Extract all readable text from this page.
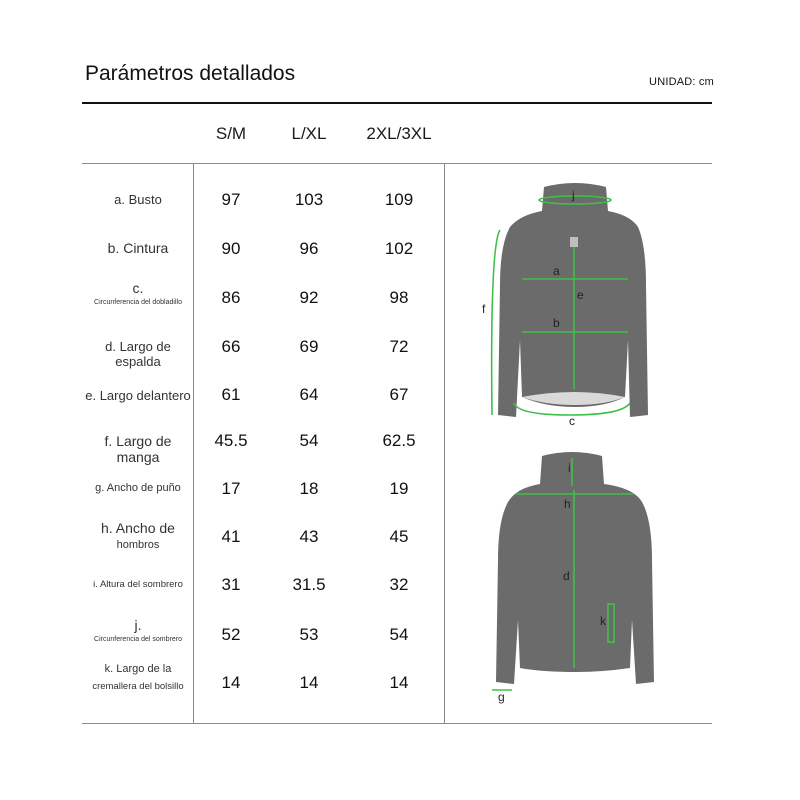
Parámetros detallados	UNIDAD: cm
S/M	L/XL	2XL/3XL
a. Busto	97	103	109
b. Cintura	90	96	102
c.
Circunferencia del dobladillo	86	92	98
d. Largo de espalda
66	69	72
e. Largo delantero	61	64	67
f. Largo de manga
45.5	54	62.5
g. Ancho de puño	17	18	19
h. Ancho de
hombros	41	43	45
i. Altura del sombrero	31	31.5	32
j.
Circunferencia del sombrero	52	53	54
k. Largo de la
cremallera del bolsillo	14	14	14
j
a
e
f
b
c
i
h
d
k
g
